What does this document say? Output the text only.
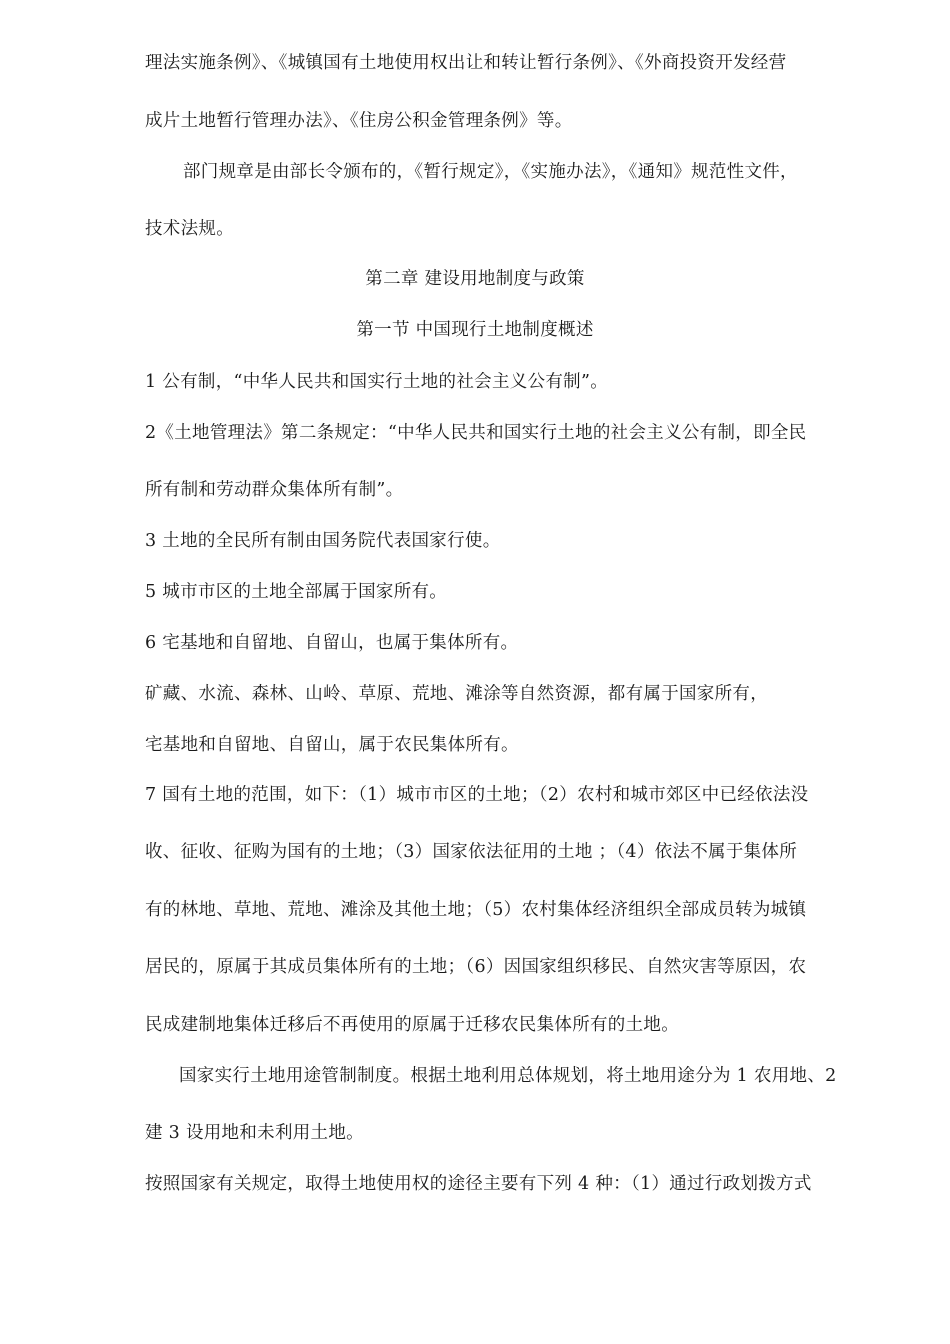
理法实施条例》、《城镇国有土地使用权出让和转让暂行条例》、《外商投资开发经营
成片土地暂行管理办法》、《住房公积金管理条例》等。
部门规章是由部长令颁布的，《暂行规定》，《实施办法》，《通知》规范性文件，
技术法规。
第二章 建设用地制度与政策
第一节 中国现行土地制度概述
1 公有制，“中华人民共和国实行土地的社会主义公有制”。
2《土地管理法》第二条规定：“中华人民共和国实行土地的社会主义公有制，即全民
所有制和劳动群众集体所有制”。
3 土地的全民所有制由国务院代表国家行使。
5 城市市区的土地全部属于国家所有。
6 宅基地和自留地、自留山，也属于集体所有。
矿藏、水流、森林、山岭、草原、荒地、滩涂等自然资源，都有属于国家所有，
宅基地和自留地、自留山，属于农民集体所有。
7 国有土地的范围，如下：（1）城市市区的土地；（2）农村和城市郊区中已经依法没
收、征收、征购为国有的土地；（3）国家依法征用的土地 ；（4）依法不属于集体所
有的林地、草地、荒地、滩涂及其他土地；（5）农村集体经济组织全部成员转为城镇
居民的，原属于其成员集体所有的土地；（6）因国家组织移民、自然灾害等原因，农
民成建制地集体迁移后不再使用的原属于迁移农民集体所有的土地。
国家实行土地用途管制制度。根据土地利用总体规划，将土地用途分为 1 农用地、2
建 3 设用地和未利用土地。
按照国家有关规定，取得土地使用权的途径主要有下列 4 种：（1）通过行政划拨方式
